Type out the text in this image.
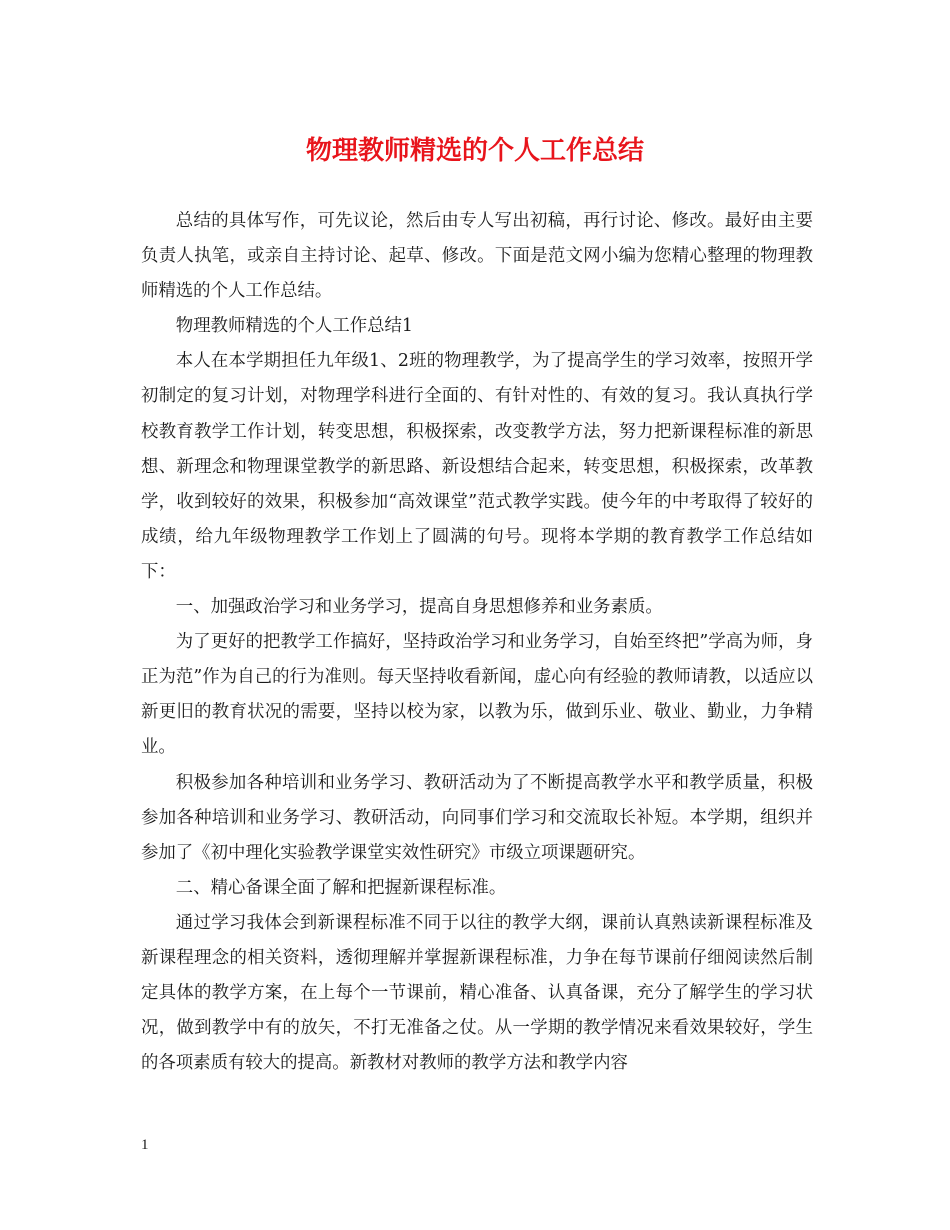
物理教师精选的个人工作总结

总结的具体写作，可先议论，然后由专人写出初稿，再行讨论、修改。最好由主要负责人执笔，或亲自主持讨论、起草、修改。下面是范文网小编为您精心整理的物理教师精选的个人工作总结。

物理教师精选的个人工作总结1

本人在本学期担任九年级1、2班的物理教学，为了提高学生的学习效率，按照开学初制定的复习计划，对物理学科进行全面的、有针对性的、有效的复习。我认真执行学校教育教学工作计划，转变思想，积极探索，改变教学方法，努力把新课程标准的新思想、新理念和物理课堂教学的新思路、新设想结合起来，转变思想，积极探索，改革教学，收到较好的效果，积极参加“高效课堂”范式教学实践。使今年的中考取得了较好的成绩，给九年级物理教学工作划上了圆满的句号。现将本学期的教育教学工作总结如下：

一、加强政治学习和业务学习，提高自身思想修养和业务素质。

为了更好的把教学工作搞好，坚持政治学习和业务学习，自始至终把”学高为师，身正为范”作为自己的行为准则。每天坚持收看新闻，虚心向有经验的教师请教，以适应以新更旧的教育状况的需要，坚持以校为家，以教为乐，做到乐业、敬业、勤业，力争精业。

积极参加各种培训和业务学习、教研活动为了不断提高教学水平和教学质量，积极参加各种培训和业务学习、教研活动，向同事们学习和交流取长补短。本学期，组织并参加了《初中理化实验教学课堂实效性研究》市级立项课题研究。

二、精心备课全面了解和把握新课程标准。

通过学习我体会到新课程标准不同于以往的教学大纲，课前认真熟读新课程标准及新课程理念的相关资料，透彻理解并掌握新课程标准，力争在每节课前仔细阅读然后制定具体的教学方案，在上每个一节课前，精心准备、认真备课，充分了解学生的学习状况，做到教学中有的放矢，不打无准备之仗。从一学期的教学情况来看效果较好，学生的各项素质有较大的提高。新教材对教师的教学方法和教学内容

1
